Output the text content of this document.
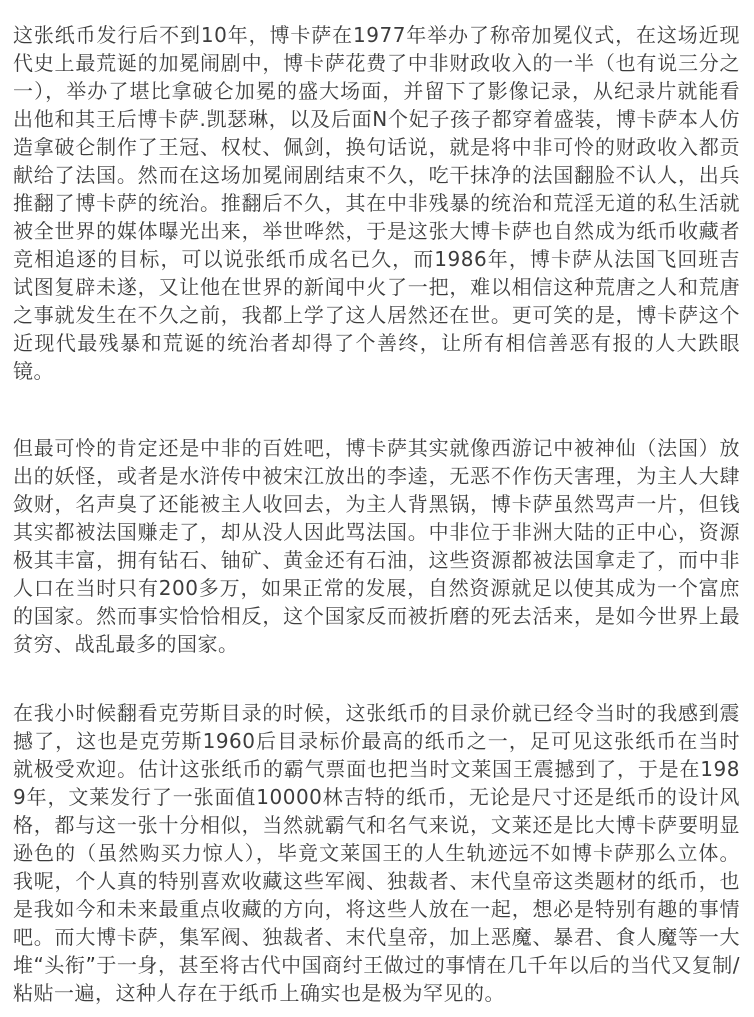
这张纸币发行后不到10年，博卡萨在1977年举办了称帝加冕仪式，在这场近现代史上最荒诞的加冕闹剧中，博卡萨花费了中非财政收入的一半（也有说三分之一），举办了堪比拿破仑加冕的盛大场面，并留下了影像记录，从纪录片就能看出他和其王后博卡萨.凯瑟琳，以及后面N个妃子孩子都穿着盛装，博卡萨本人仿造拿破仑制作了王冠、权杖、佩剑，换句话说，就是将中非可怜的财政收入都贡献给了法国。然而在这场加冕闹剧结束不久，吃干抹净的法国翻脸不认人，出兵推翻了博卡萨的统治。推翻后不久，其在中非残暴的统治和荒淫无道的私生活就被全世界的媒体曝光出来，举世哗然，于是这张大博卡萨也自然成为纸币收藏者竞相追逐的目标，可以说张纸币成名已久，而1986年，博卡萨从法国飞回班吉试图复辟未遂，又让他在世界的新闻中火了一把，难以相信这种荒唐之人和荒唐之事就发生在不久之前，我都上学了这人居然还在世。更可笑的是，博卡萨这个近现代最残暴和荒诞的统治者却得了个善终，让所有相信善恶有报的人大跌眼镜。

但最可怜的肯定还是中非的百姓吧，博卡萨其实就像西游记中被神仙（法国）放出的妖怪，或者是水浒传中被宋江放出的李逵，无恶不作伤天害理，为主人大肆敛财，名声臭了还能被主人收回去，为主人背黑锅，博卡萨虽然骂声一片，但钱其实都被法国赚走了，却从没人因此骂法国。中非位于非洲大陆的正中心，资源极其丰富，拥有钻石、铀矿、黄金还有石油，这些资源都被法国拿走了，而中非人口在当时只有200多万，如果正常的发展，自然资源就足以使其成为一个富庶的国家。然而事实恰恰相反，这个国家反而被折磨的死去活来，是如今世界上最贫穷、战乱最多的国家。

在我小时候翻看克劳斯目录的时候，这张纸币的目录价就已经令当时的我感到震撼了，这也是克劳斯1960后目录标价最高的纸币之一，足可见这张纸币在当时就极受欢迎。估计这张纸币的霸气票面也把当时文莱国王震撼到了，于是在1989年，文莱发行了一张面值10000林吉特的纸币，无论是尺寸还是纸币的设计风格，都与这一张十分相似，当然就霸气和名气来说，文莱还是比大博卡萨要明显逊色的（虽然购买力惊人），毕竟文莱国王的人生轨迹远不如博卡萨那么立体。我呢，个人真的特别喜欢收藏这些军阀、独裁者、末代皇帝这类题材的纸币，也是我如今和未来最重点收藏的方向，将这些人放在一起，想必是特别有趣的事情吧。而大博卡萨，集军阀、独裁者、末代皇帝，加上恶魔、暴君、食人魔等一大堆“头衔”于一身，甚至将古代中国商纣王做过的事情在几千年以后的当代又复制/粘贴一遍，这种人存在于纸币上确实也是极为罕见的。
